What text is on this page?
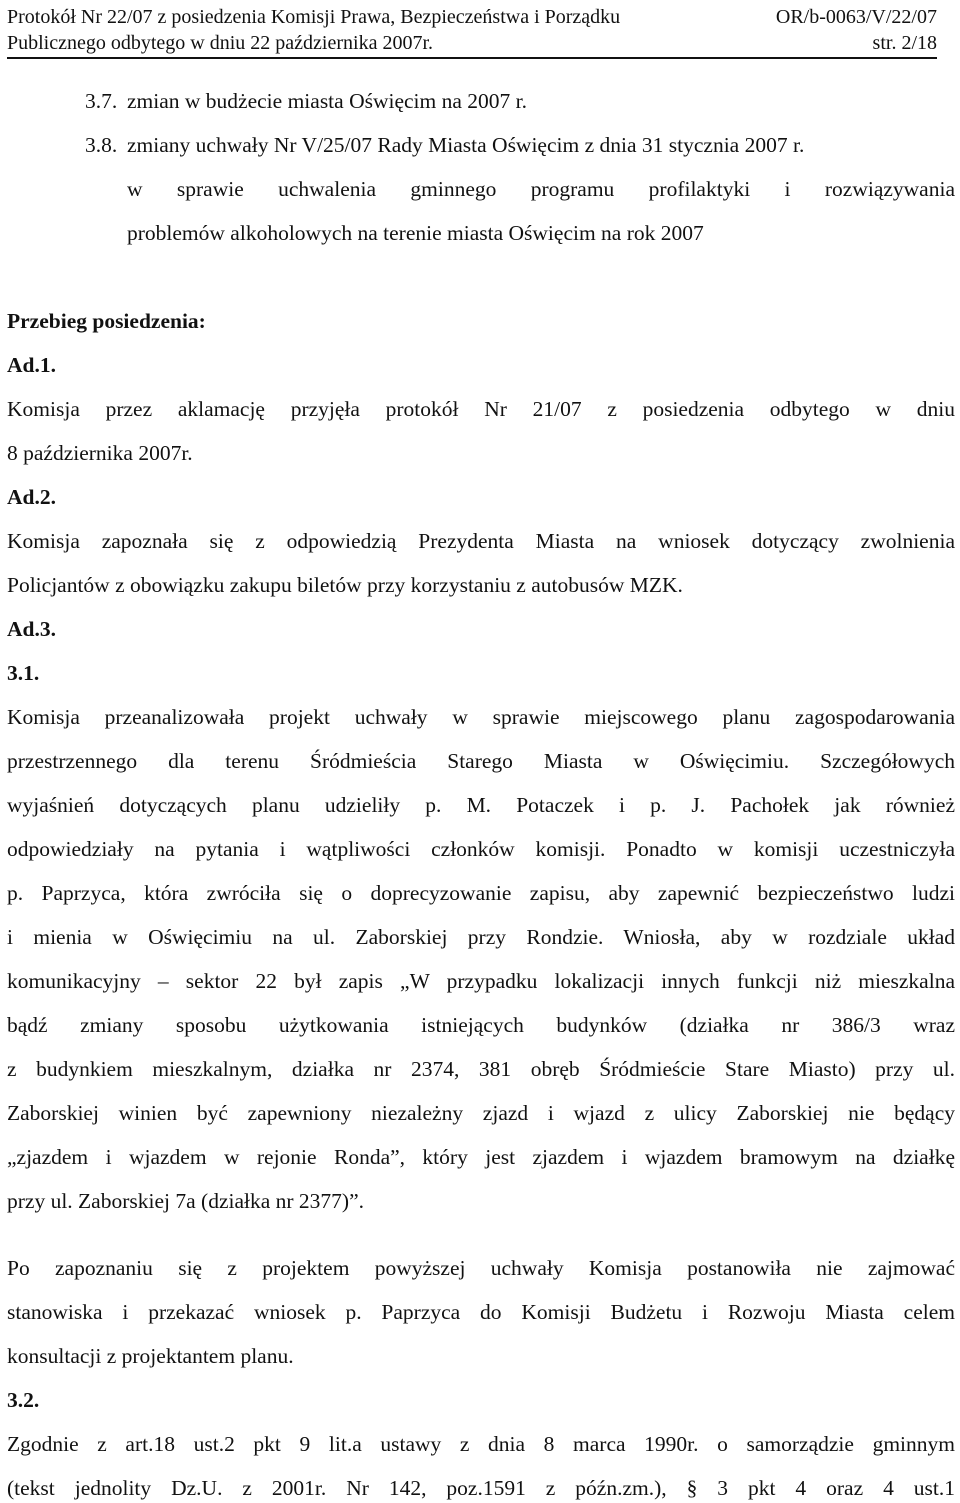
Protokół Nr 22/07 z posiedzenia Komisji Prawa, Bezpieczeństwa i Porządku	OR/b-0063/V/22/07
Publicznego odbytego w dniu 22 października 2007r.	str. 2/18
3.7. zmian w budżecie miasta Oświęcim na 2007 r.
3.8. zmiany uchwały Nr V/25/07 Rady Miasta Oświęcim z dnia 31 stycznia 2007 r.
w sprawie uchwalenia gminnego programu profilaktyki i rozwiązywania
problemów alkoholowych na terenie miasta Oświęcim na rok 2007
Przebieg posiedzenia:
Ad.1.
Komisja przez aklamację przyjęła protokół Nr 21/07 z posiedzenia odbytego w dniu
8 października 2007r.
Ad.2.
Komisja zapoznała się z odpowiedzią Prezydenta Miasta na wniosek dotyczący zwolnienia
Policjantów z obowiązku zakupu biletów przy korzystaniu z autobusów MZK.
Ad.3.
3.1.
Komisja przeanalizowała projekt uchwały w sprawie miejscowego planu zagospodarowania
przestrzennego dla terenu Śródmieścia Starego Miasta w Oświęcimiu. Szczegółowych
wyjaśnień dotyczących planu udzieliły p. M. Potaczek i p. J. Pachołek jak również
odpowiedziały na pytania i wątpliwości członków komisji. Ponadto w komisji uczestniczyła
p. Paprzyca, która zwróciła się o doprecyzowanie zapisu, aby zapewnić bezpieczeństwo ludzi
i mienia w Oświęcimiu na ul. Zaborskiej przy Rondzie. Wniosła, aby w rozdziale układ
komunikacyjny – sektor 22 był zapis „W przypadku lokalizacji innych funkcji niż mieszkalna
bądź zmiany sposobu użytkowania istniejących budynków (działka nr 386/3 wraz
z budynkiem mieszkalnym, działka nr 2374, 381 obręb Śródmieście Stare Miasto) przy ul.
Zaborskiej winien być zapewniony niezależny zjazd i wjazd z ulicy Zaborskiej nie będący
„zjazdem i wjazdem w rejonie Ronda”, który jest zjazdem i wjazdem bramowym na działkę
przy ul. Zaborskiej 7a (działka nr 2377)”.
Po zapoznaniu się z projektem powyższej uchwały Komisja postanowiła nie zajmować
stanowiska i przekazać wniosek p. Paprzyca do Komisji Budżetu i Rozwoju Miasta celem
konsultacji z projektantem planu.
3.2.
Zgodnie z art.18 ust.2 pkt 9 lit.a ustawy z dnia 8 marca 1990r. o samorządzie gminnym
(tekst jednolity Dz.U. z 2001r. Nr 142, poz.1591 z późn.zm.), § 3 pkt 4 oraz 4 ust.1
